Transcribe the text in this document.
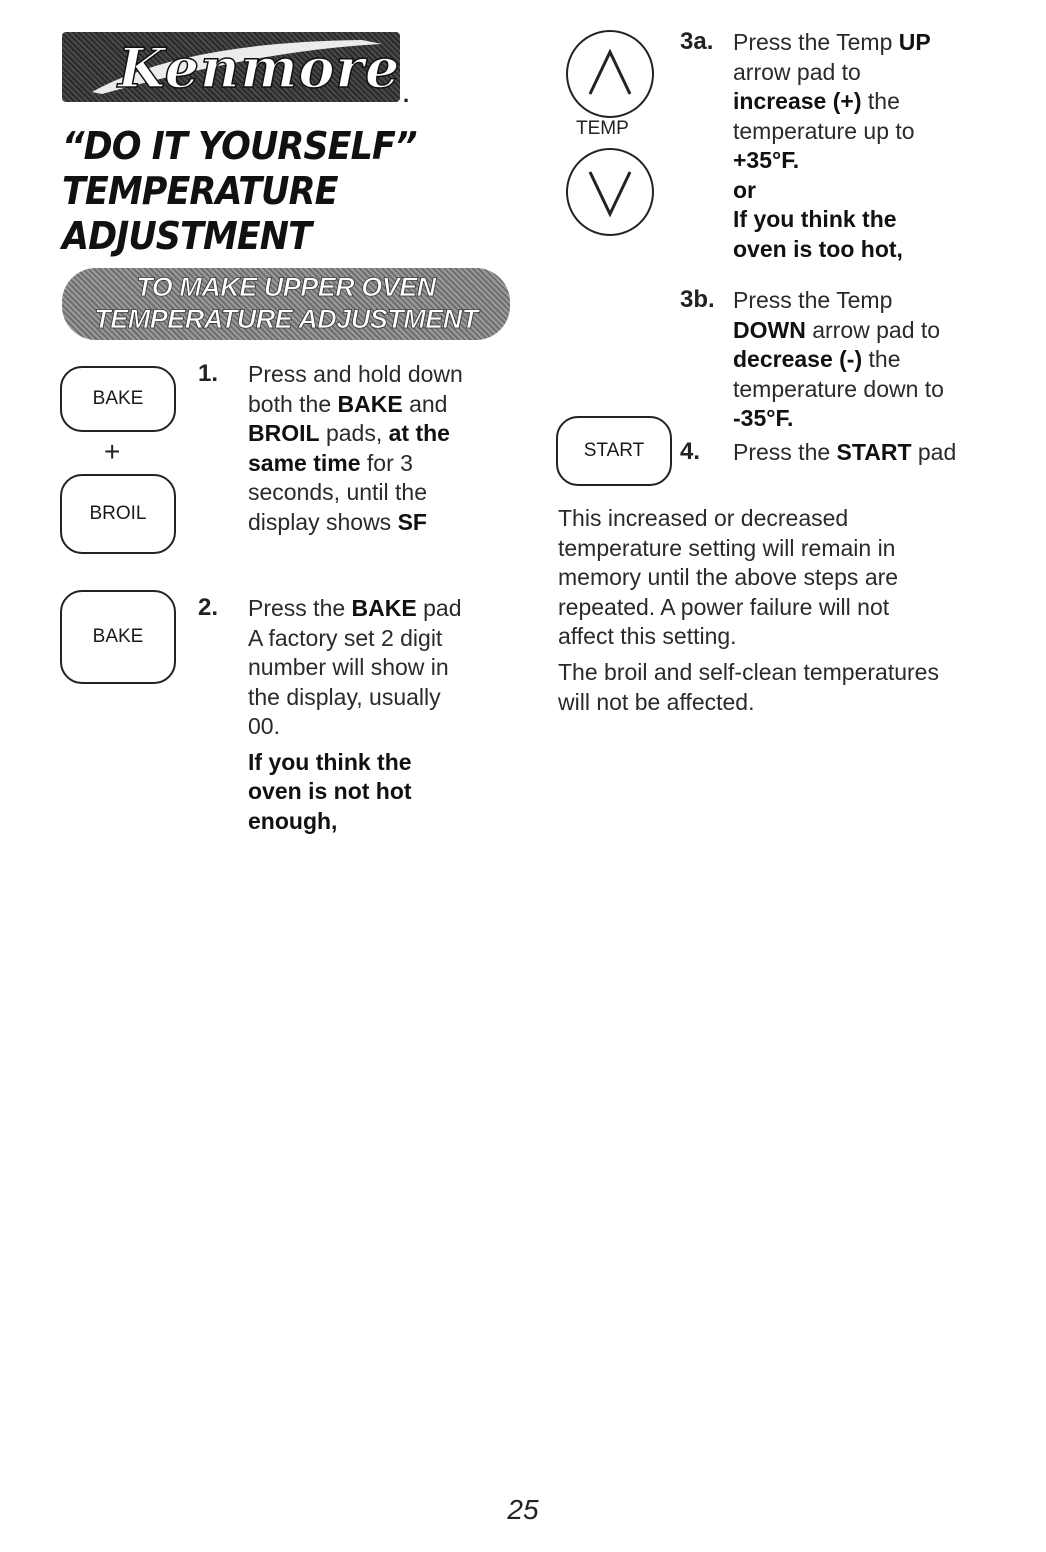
Kenmore .
“DO IT YOURSELF”
TEMPERATURE
ADJUSTMENT
TO MAKE UPPER OVEN
TEMPERATURE ADJUSTMENT
BAKE
+
BROIL
BAKE
1. Press and hold down
both the BAKE and
BROIL pads, at the
same time for 3
seconds, until the
display shows SF
2. Press the BAKE pad
A factory set 2 digit
number will show in
the display, usually
00.
If you think the
oven is not hot
enough,
TEMP
3a. Press the Temp UP
arrow pad to
increase (+) the
temperature up to
+35°F.
or
If you think the
oven is too hot,
3b. Press the Temp
DOWN arrow pad to
decrease (-) the
temperature down to
-35°F.
START 4. Press the START pad
This increased or decreased
temperature setting will remain in
memory until the above steps are
repeated. A power failure will not
affect this setting.
The broil and self-clean temperatures
will not be affected.
25
